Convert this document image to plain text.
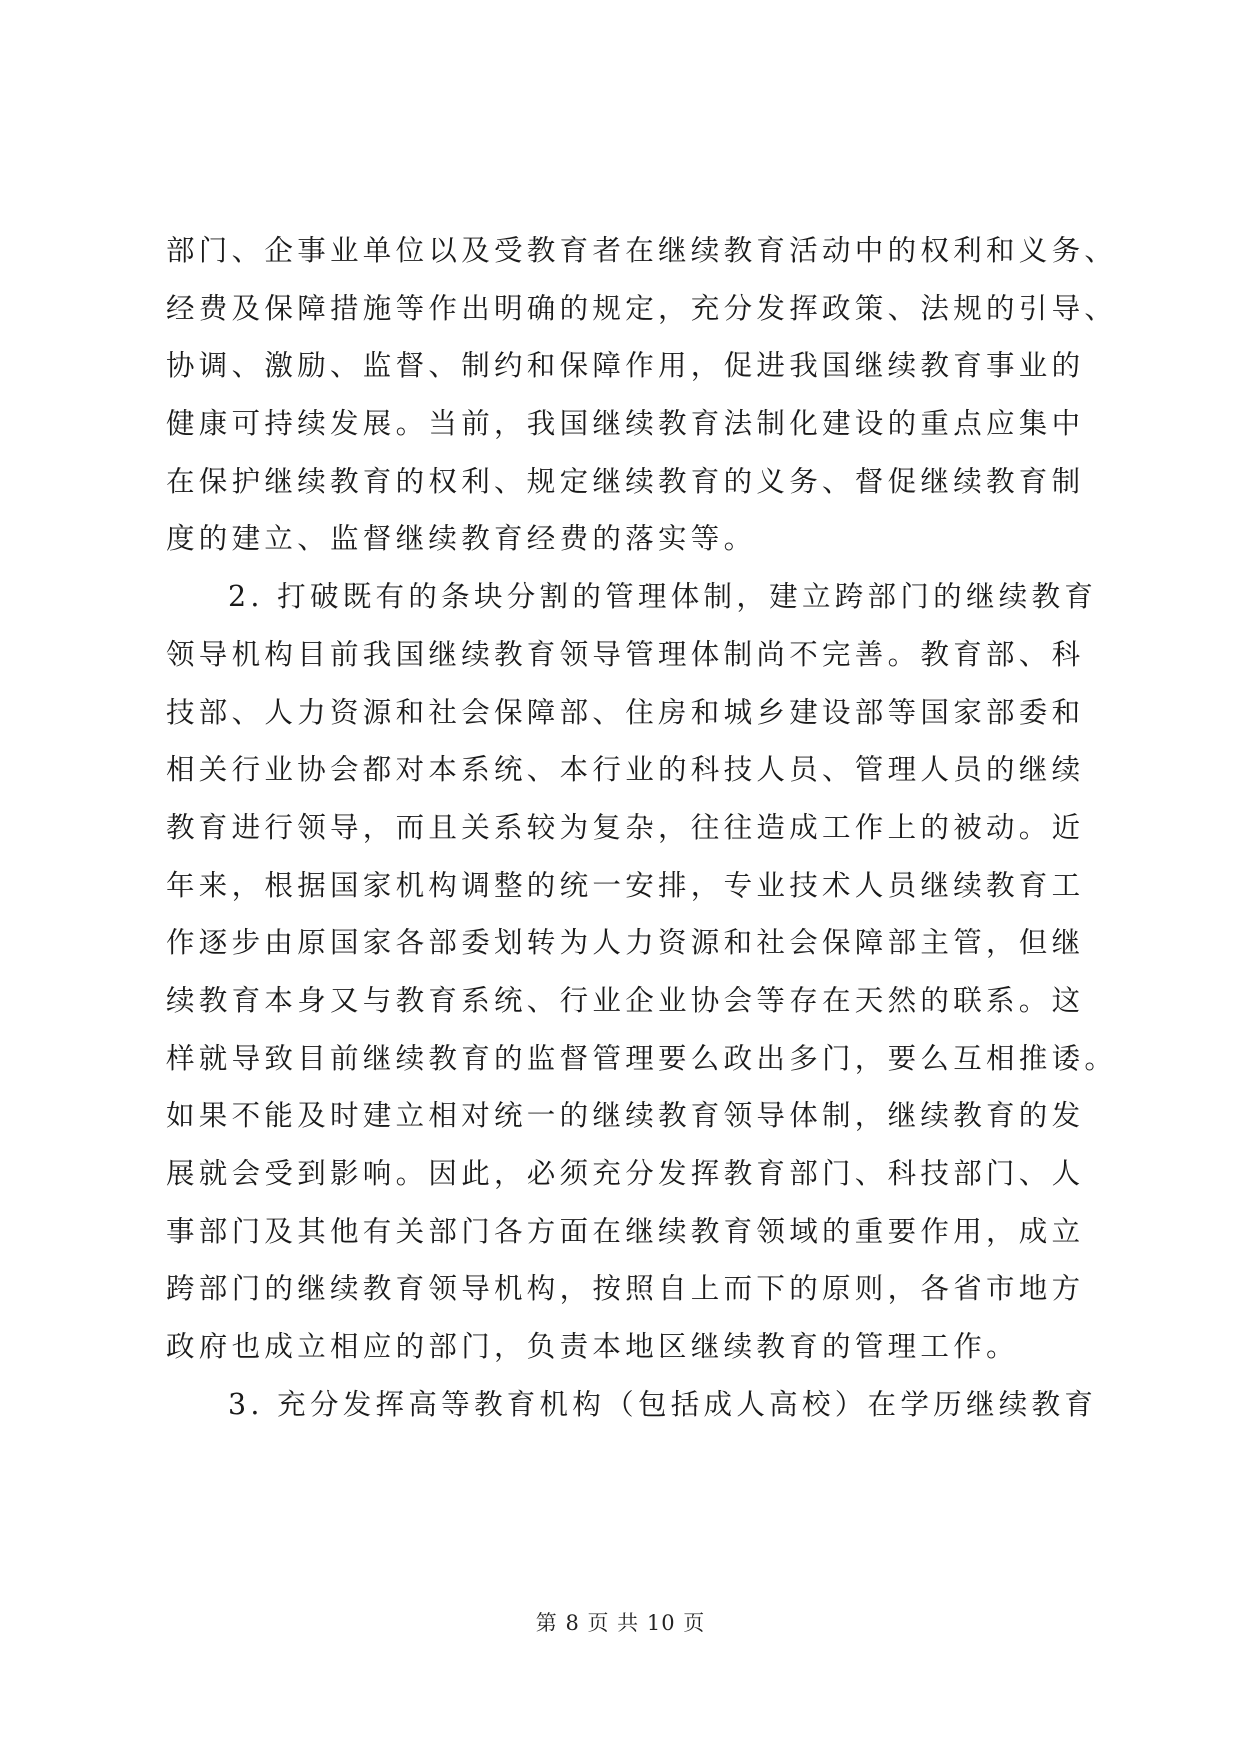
部门、企事业单位以及受教育者在继续教育活动中的权利和义务、
经费及保障措施等作出明确的规定，充分发挥政策、法规的引导、
协调、激励、监督、制约和保障作用，促进我国继续教育事业的
健康可持续发展。当前，我国继续教育法制化建设的重点应集中
在保护继续教育的权利、规定继续教育的义务、督促继续教育制
度的建立、监督继续教育经费的落实等。
2. 打破既有的条块分割的管理体制，建立跨部门的继续教育
领导机构目前我国继续教育领导管理体制尚不完善。教育部、科
技部、人力资源和社会保障部、住房和城乡建设部等国家部委和
相关行业协会都对本系统、本行业的科技人员、管理人员的继续
教育进行领导，而且关系较为复杂，往往造成工作上的被动。近
年来，根据国家机构调整的统一安排，专业技术人员继续教育工
作逐步由原国家各部委划转为人力资源和社会保障部主管，但继
续教育本身又与教育系统、行业企业协会等存在天然的联系。这
样就导致目前继续教育的监督管理要么政出多门，要么互相推诿。
如果不能及时建立相对统一的继续教育领导体制，继续教育的发
展就会受到影响。因此，必须充分发挥教育部门、科技部门、人
事部门及其他有关部门各方面在继续教育领域的重要作用，成立
跨部门的继续教育领导机构，按照自上而下的原则，各省市地方
政府也成立相应的部门，负责本地区继续教育的管理工作。
3. 充分发挥高等教育机构（包括成人高校）在学历继续教育
第 8 页 共 10 页
